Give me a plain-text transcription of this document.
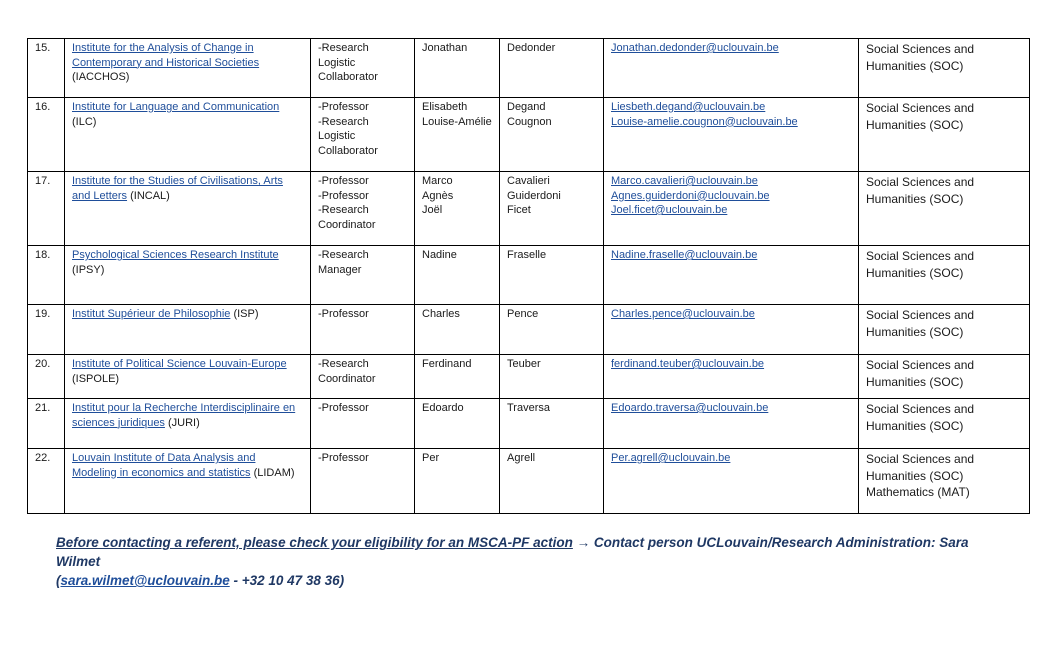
15.	Institute for the Analysis of Change in
Contemporary and Historical Societies (IACCHOS)	-Research Logistic
Collaborator	Jonathan	Dedonder	Jonathan.dedonder@uclouvain.be	Social Sciences and
Humanities (SOC)

16.	Institute for Language and Communication
(ILC)	-Professor
-Research Logistic
Collaborator	Elisabeth
Louise-Amélie	Degand
Cougnon	Liesbeth.degand@uclouvain.be
Louise-amelie.cougnon@uclouvain.be	Social Sciences and
Humanities (SOC)

17.	Institute for the Studies of Civilisations, Arts
and Letters (INCAL)	-Professor
-Professor
-Research
Coordinator	Marco
Agnès
Joël	Cavalieri
Guiderdoni
Ficet	Marco.cavalieri@uclouvain.be
Agnes.guiderdoni@uclouvain.be
Joel.ficet@uclouvain.be	Social Sciences and
Humanities (SOC)

18.	Psychological Sciences Research Institute
(IPSY)	-Research
Manager	Nadine	Fraselle	Nadine.fraselle@uclouvain.be	Social Sciences and
Humanities (SOC)

19.	Institut Supérieur de Philosophie (ISP)	-Professor	Charles	Pence	Charles.pence@uclouvain.be	Social Sciences and
Humanities (SOC)

20.	Institute of Political Science Louvain-Europe
(ISPOLE)	-Research
Coordinator	Ferdinand	Teuber	ferdinand.teuber@uclouvain.be	Social Sciences and
Humanities (SOC)

21.	Institut pour la Recherche Interdisciplinaire en
sciences juridiques (JURI)	-Professor	Edoardo	Traversa	Edoardo.traversa@uclouvain.be	Social Sciences and
Humanities (SOC)

22.	Louvain Institute of Data Analysis and
Modeling in economics and statistics (LIDAM)	-Professor	Per	Agrell	Per.agrell@uclouvain.be	Social Sciences and
Humanities (SOC)
Mathematics (MAT)
Before contacting a referent, please check your eligibility for an MSCA-PF action → Contact person UCLouvain/Research Administration: Sara Wilmet
(sara.wilmet@uclouvain.be - +32 10 47 38 36)
